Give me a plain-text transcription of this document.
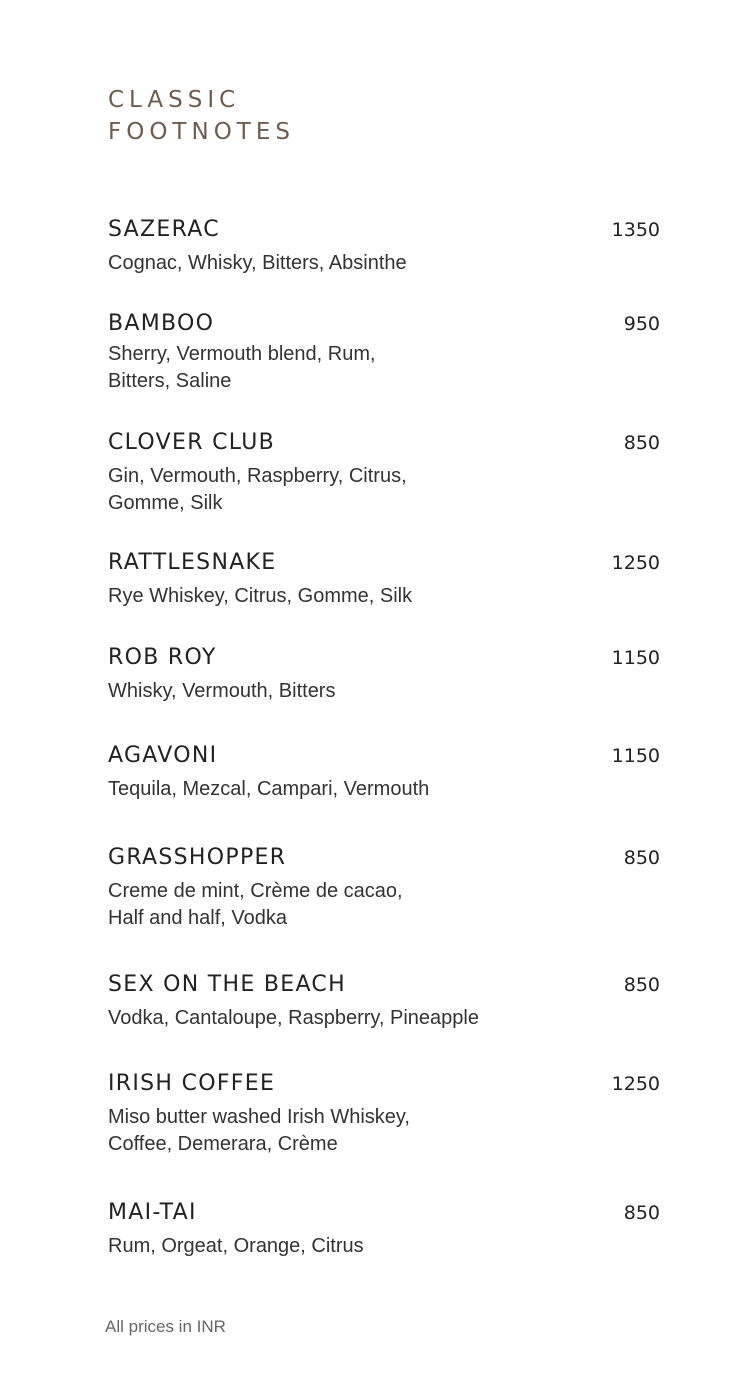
CLASSIC
FOOTNOTES
SAZERAC	1350
Cognac, Whisky, Bitters, Absinthe
BAMBOO	950
Sherry, Vermouth blend, Rum,
Bitters, Saline
CLOVER CLUB	850
Gin, Vermouth, Raspberry, Citrus,
Gomme, Silk
RATTLESNAKE	1250
Rye Whiskey, Citrus, Gomme, Silk
ROB ROY	1150
Whisky, Vermouth, Bitters
AGAVONI	1150
Tequila, Mezcal, Campari, Vermouth
GRASSHOPPER	850
Creme de mint, Crème de cacao,
Half and half, Vodka
SEX ON THE BEACH	850
Vodka, Cantaloupe, Raspberry, Pineapple
IRISH COFFEE	1250
Miso butter washed Irish Whiskey,
Coffee, Demerara, Crème
MAI-TAI	850
Rum, Orgeat, Orange, Citrus
All prices in INR
